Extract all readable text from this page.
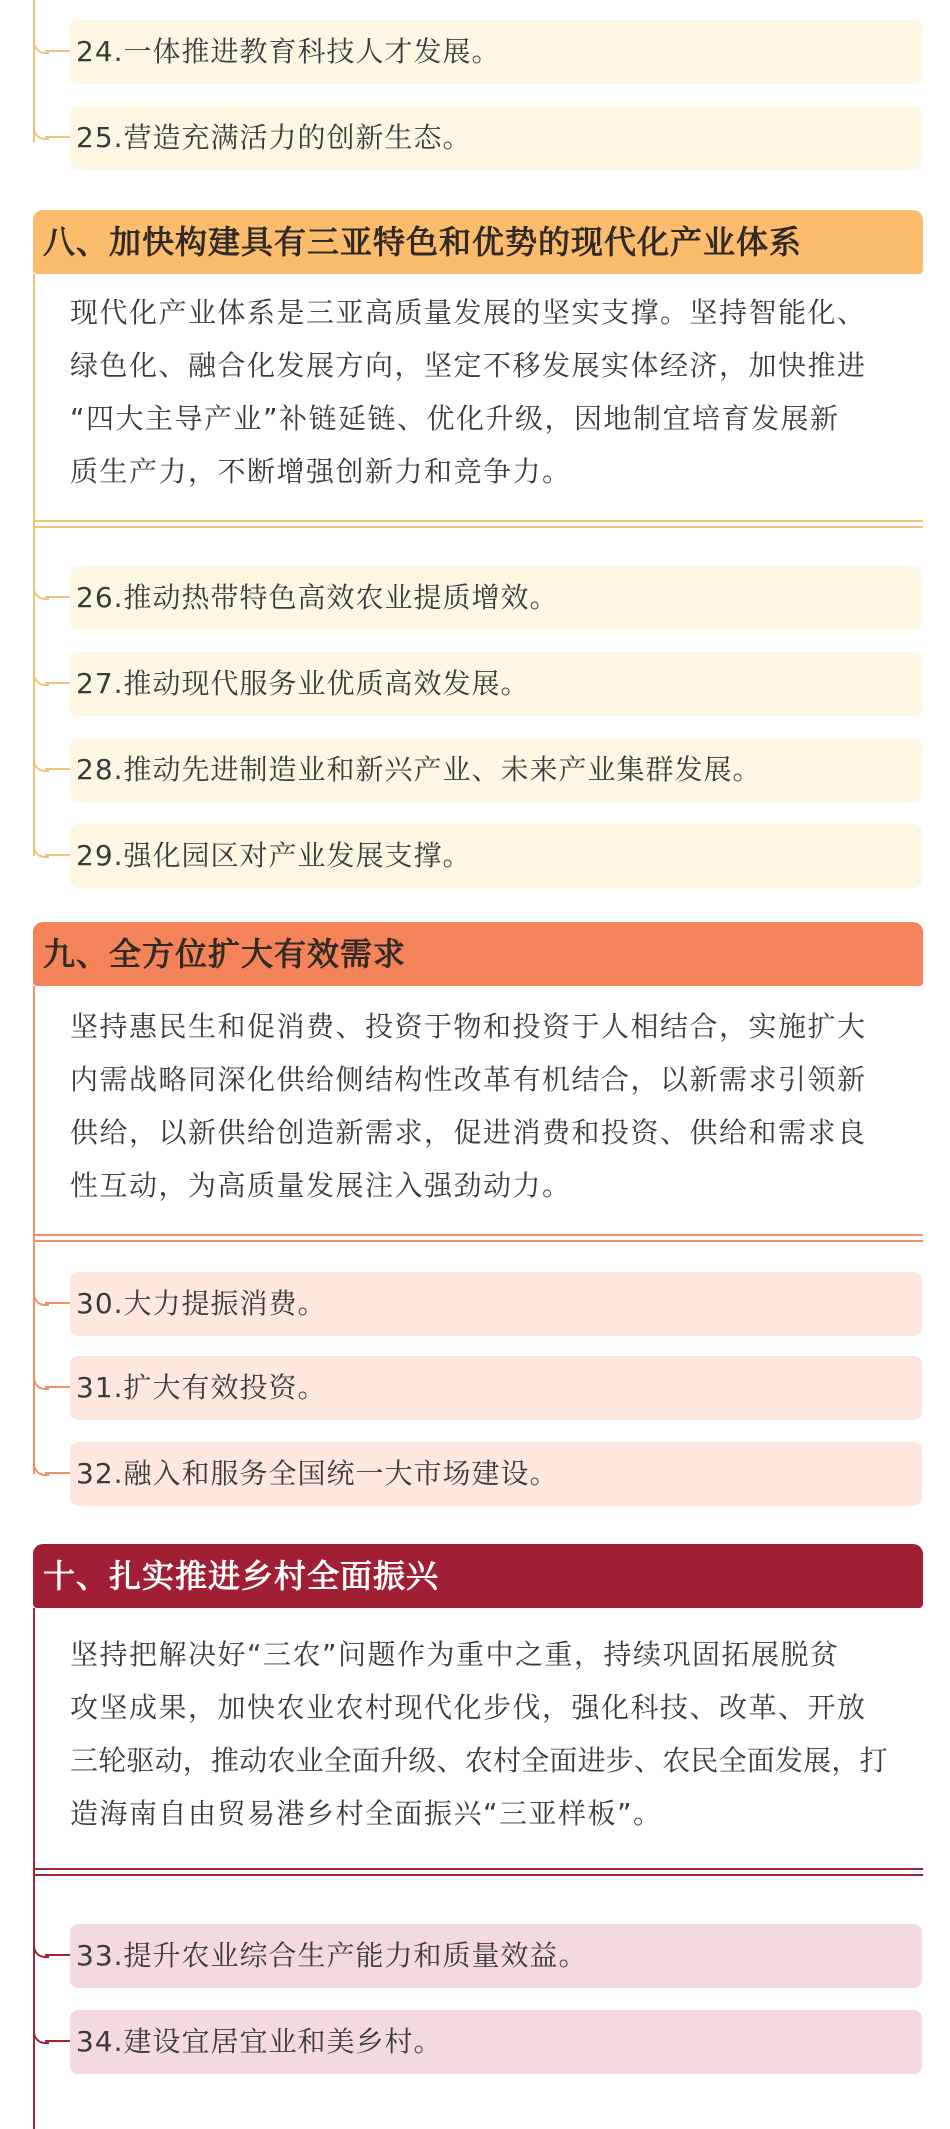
24.一体推进教育科技人才发展。
25.营造充满活力的创新生态。
八、加快构建具有三亚特色和优势的现代化产业体系
现代化产业体系是三亚高质量发展的坚实支撑。坚持智能化、
绿色化、融合化发展方向，坚定不移发展实体经济，加快推进
“四大主导产业”补链延链、优化升级，因地制宜培育发展新
质生产力，不断增强创新力和竞争力。
26.推动热带特色高效农业提质增效。
27.推动现代服务业优质高效发展。
28.推动先进制造业和新兴产业、未来产业集群发展。
29.强化园区对产业发展支撑。
九、全方位扩大有效需求
坚持惠民生和促消费、投资于物和投资于人相结合，实施扩大
内需战略同深化供给侧结构性改革有机结合，以新需求引领新
供给，以新供给创造新需求，促进消费和投资、供给和需求良
性互动，为高质量发展注入强劲动力。
30.大力提振消费。
31.扩大有效投资。
32.融入和服务全国统一大市场建设。
十、扎实推进乡村全面振兴
坚持把解决好“三农”问题作为重中之重，持续巩固拓展脱贫
攻坚成果，加快农业农村现代化步伐，强化科技、改革、开放
三轮驱动，推动农业全面升级、农村全面进步、农民全面发展，打
造海南自由贸易港乡村全面振兴“三亚样板”。
33.提升农业综合生产能力和质量效益。
34.建设宜居宜业和美乡村。
